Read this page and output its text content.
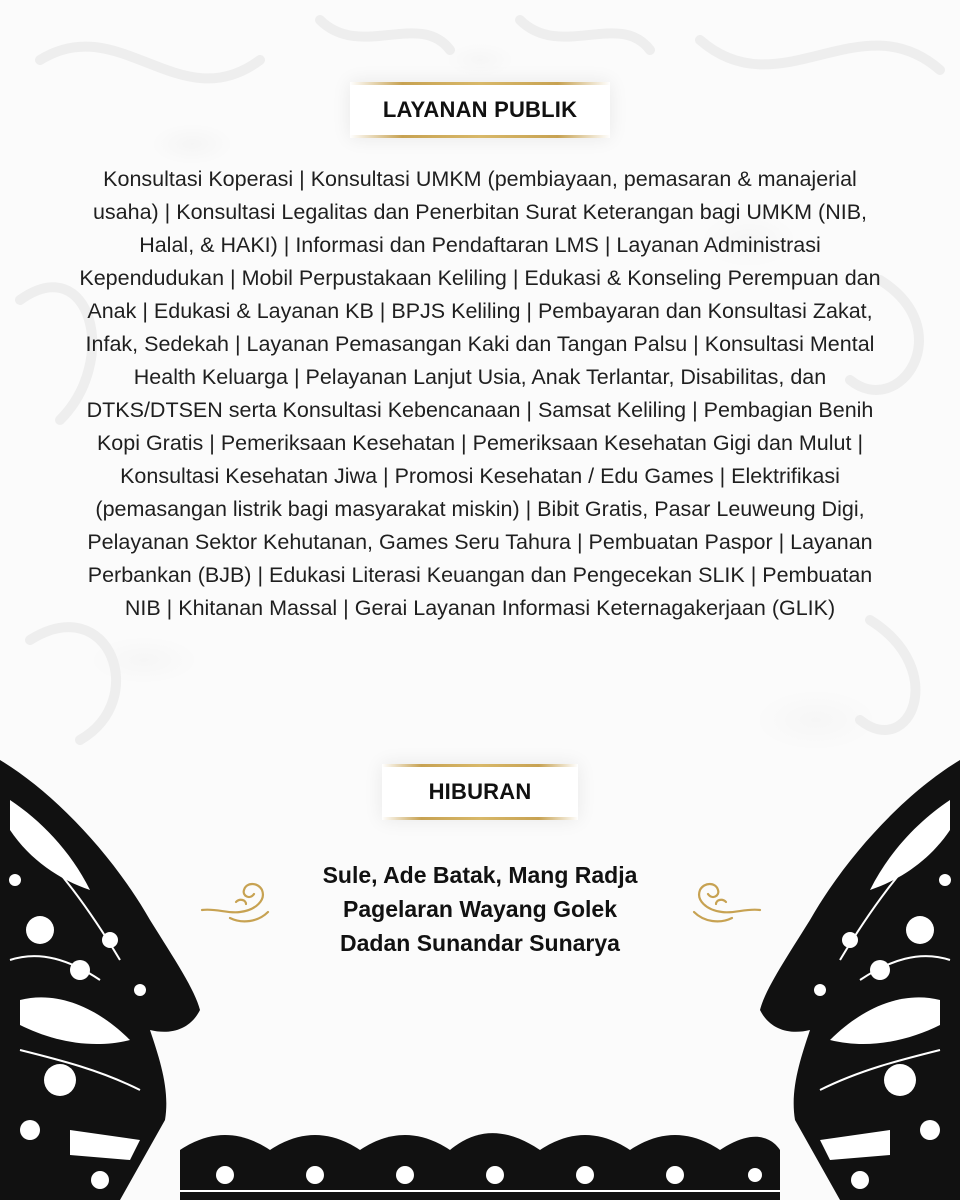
LAYANAN PUBLIK
Konsultasi Koperasi | Konsultasi UMKM (pembiayaan, pemasaran & manajerial usaha) | Konsultasi Legalitas dan Penerbitan Surat Keterangan bagi UMKM (NIB, Halal, & HAKI) | Informasi dan Pendaftaran LMS | Layanan Administrasi Kependudukan | Mobil Perpustakaan Keliling | Edukasi & Konseling Perempuan dan Anak | Edukasi & Layanan KB | BPJS Keliling | Pembayaran dan Konsultasi Zakat, Infak, Sedekah | Layanan Pemasangan Kaki dan Tangan Palsu | Konsultasi Mental Health Keluarga | Pelayanan Lanjut Usia, Anak Terlantar, Disabilitas, dan DTKS/DTSEN serta Konsultasi Kebencanaan | Samsat Keliling | Pembagian Benih Kopi Gratis | Pemeriksaan Kesehatan | Pemeriksaan Kesehatan Gigi dan Mulut | Konsultasi Kesehatan Jiwa | Promosi Kesehatan / Edu Games | Elektrifikasi (pemasangan listrik bagi masyarakat miskin) | Bibit Gratis, Pasar Leuweung Digi, Pelayanan Sektor Kehutanan, Games Seru Tahura | Pembuatan Paspor | Layanan Perbankan (BJB) | Edukasi Literasi Keuangan dan Pengecekan SLIK | Pembuatan NIB | Khitanan Massal | Gerai Layanan Informasi Keternagakerjaan (GLIK)
HIBURAN
Sule, Ade Batak, Mang Radja
Pagelaran Wayang Golek
Dadan Sunandar Sunarya
